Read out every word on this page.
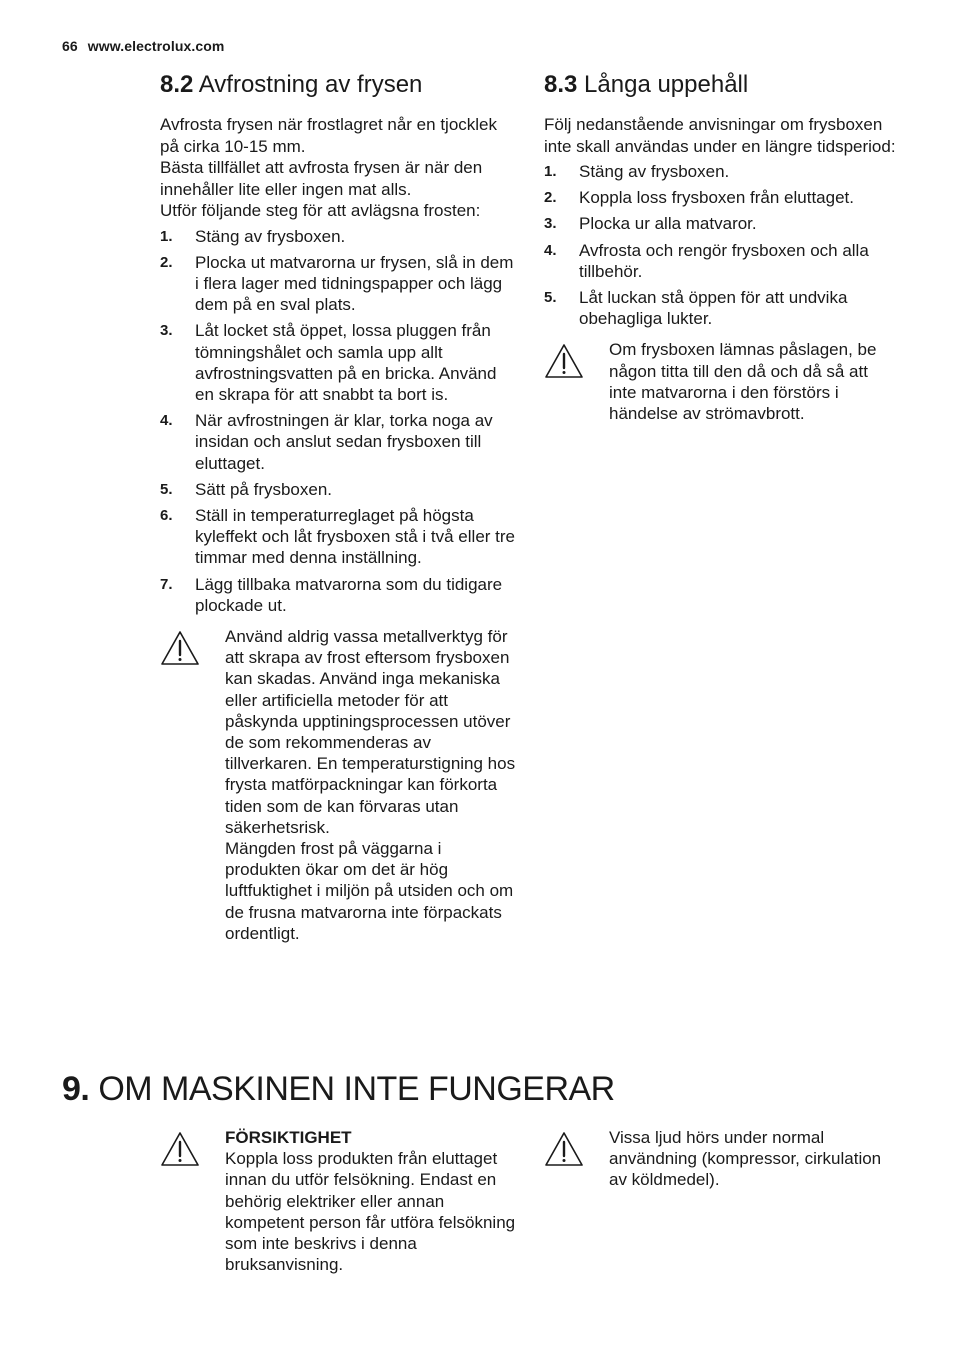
66 www.electrolux.com
8.2 Avfrostning av frysen
Avfrosta frysen när frostlagret når en tjocklek på cirka 10-15 mm.
Bästa tillfället att avfrosta frysen är när den innehåller lite eller ingen mat alls.
Utför följande steg för att avlägsna frosten:
1. Stäng av frysboxen.
2. Plocka ut matvarorna ur frysen, slå in dem i flera lager med tidningspapper och lägg dem på en sval plats.
3. Låt locket stå öppet, lossa pluggen från tömningshålet och samla upp allt avfrostningsvatten på en bricka. Använd en skrapa för att snabbt ta bort is.
4. När avfrostningen är klar, torka noga av insidan och anslut sedan frysboxen till eluttaget.
5. Sätt på frysboxen.
6. Ställ in temperaturreglaget på högsta kyleffekt och låt frysboxen stå i två eller tre timmar med denna inställning.
7. Lägg tillbaka matvarorna som du tidigare plockade ut.
Använd aldrig vassa metallverktyg för att skrapa av frost eftersom frysboxen kan skadas. Använd inga mekaniska eller artificiella metoder för att påskynda upptiningsprocessen utöver de som rekommenderas av tillverkaren. En temperaturstigning hos frysta matförpackningar kan förkorta tiden som de kan förvaras utan säkerhetsrisk.
Mängden frost på väggarna i produkten ökar om det är hög luftfuktighet i miljön på utsiden och om de frusna matvarorna inte förpackats ordentligt.
8.3 Långa uppehåll
Följ nedanstående anvisningar om frysboxen inte skall användas under en längre tidsperiod:
1. Stäng av frysboxen.
2. Koppla loss frysboxen från eluttaget.
3. Plocka ur alla matvaror.
4. Avfrosta och rengör frysboxen och alla tillbehör.
5. Låt luckan stå öppen för att undvika obehagliga lukter.
Om frysboxen lämnas påslagen, be någon titta till den då och då så att inte matvarorna i den förstörs i händelse av strömavbrott.
9. OM MASKINEN INTE FUNGERAR
FÖRSIKTIGHET
Koppla loss produkten från eluttaget innan du utför felsökning. Endast en behörig elektriker eller annan kompetent person får utföra felsökning som inte beskrivs i denna bruksanvisning.
Vissa ljud hörs under normal användning (kompressor, cirkulation av köldmedel).
